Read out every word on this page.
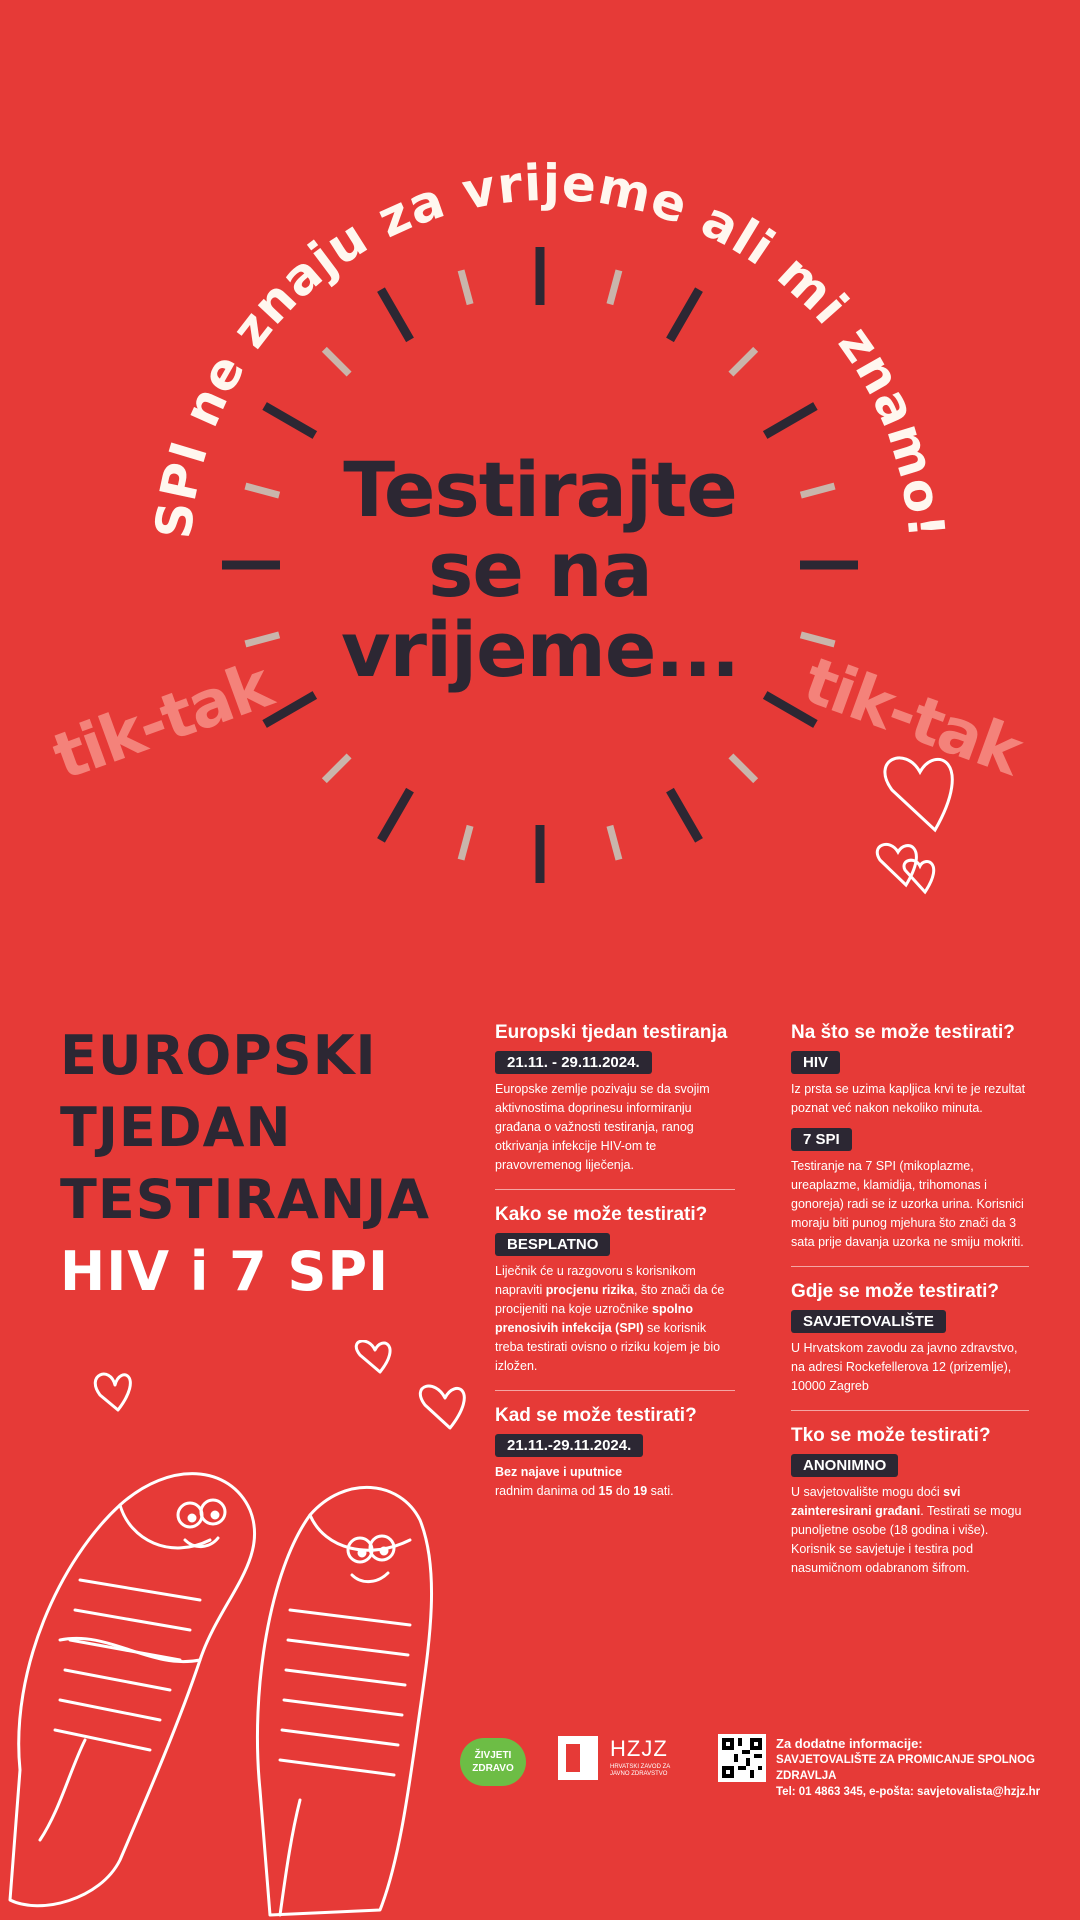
SPI ne znaju za vrijeme ali mi znamo!
Testirajte
se na
vrijeme...
tik-tak	tik-tak
EUROPSKI
TJEDAN
TESTIRANJA
HIV i 7 SPI
Europski tjedan testiranja
21.11. - 29.11.2024.
Europske zemlje pozivaju se da svojim aktivnostima doprinesu informiranju građana o važnosti testiranja, ranog otkrivanja infekcije HIV-om te pravovremenog liječenja.
Kako se može testirati?
BESPLATNO
Liječnik će u razgovoru s korisnikom napraviti procjenu rizika, što znači da će procijeniti na koje uzročnike spolno prenosivih infekcija (SPI) se korisnik treba testirati ovisno o riziku kojem je bio izložen.
Kad se može testirati?
21.11.-29.11.2024.
Bez najave i uputnice
radnim danima od 15 do 19 sati.
Na što se može testirati?
HIV
Iz prsta se uzima kapljica krvi te je rezultat poznat već nakon nekoliko minuta.
7 SPI
Testiranje na 7 SPI (mikoplazme, ureaplazme, klamidija, trihomonas i gonoreja) radi se iz uzorka urina. Korisnici moraju biti punog mjehura što znači da 3 sata prije davanja uzorka ne smiju mokriti.
Gdje se može testirati?
SAVJETOVALIŠTE
U Hrvatskom zavodu za javno zdravstvo, na adresi Rockefellerova 12 (prizemlje), 10000 Zagreb
Tko se može testirati?
ANONIMNO
U savjetovalište mogu doći svi zainteresirani građani. Testirati se mogu punoljetne osobe (18 godina i više). Korisnik se savjetuje i testira pod nasumičnom odabranom šifrom.
ŽIVJETI
ZDRAVO
HZJZ
HRVATSKI ZAVOD ZA JAVNO ZDRAVSTVO
Za dodatne informacije:
SAVJETOVALIŠTE ZA PROMICANJE SPOLNOG ZDRAVLJA
Tel: 01 4863 345, e-pošta: savjetovalista@hzjz.hr
